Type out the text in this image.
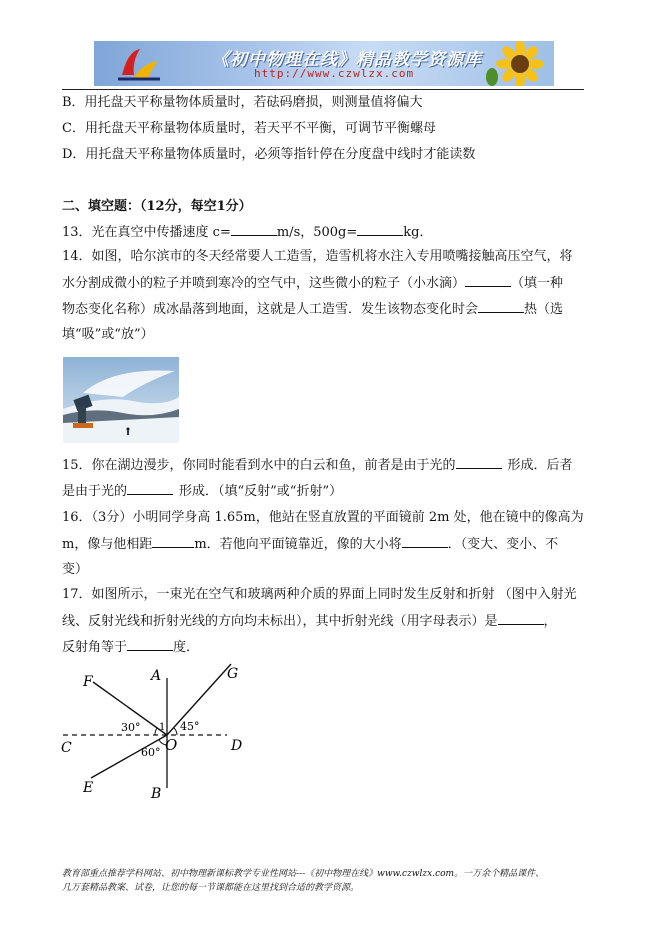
《初中物理在线》精品教学资源库
http://www.czwlzx.com
B．用托盘天平称量物体质量时，若砝码磨损，则测量值将偏大
C．用托盘天平称量物体质量时，若天平不平衡，可调节平衡螺母
D．用托盘天平称量物体质量时，必须等指针停在分度盘中线时才能读数
二、填空题：（12分，每空1分）
13．光在真空中传播速度 c=	m/s，500g=	kg．
14．如图，哈尔滨市的冬天经常要人工造雪，造雪机将水注入专用喷嘴接触高压空气，将
水分割成微小的粒子并喷到寒冷的空气中，这些微小的粒子（小水滴）	（填一种
物态变化名称）成冰晶落到地面，这就是人工造雪．发生该物态变化时会	热（选
填“吸”或“放”）
15．你在湖边漫步，你同时能看到水中的白云和鱼，前者是由于光的	形成．后者
是由于光的	形成．（填“反射”或“折射”）
16．（3分）小明同学身高 1.65m，他站在竖直放置的平面镜前 2m 处，他在镜中的像高为
m，像与他相距	m．若他向平面镜靠近，像的大小将	．（变大、变小、不
变）
17．如图所示，一束光在空气和玻璃两种介质的界面上同时发生反射和折射 （图中入射光
线、反射光线和折射光线的方向均未标出），其中折射光线（用字母表示）是	，
反射角等于	度．
F	A	G
C	D
O
E	B
30°	45°
60°
1
教育部重点推荐学科网站、初中物理新课标教学专业性网站---《初中物理在线》www.czwlzx.com。一万余个精品课件、
几万套精品教案、试卷，让您的每一节课都能在这里找到合适的教学资源。
